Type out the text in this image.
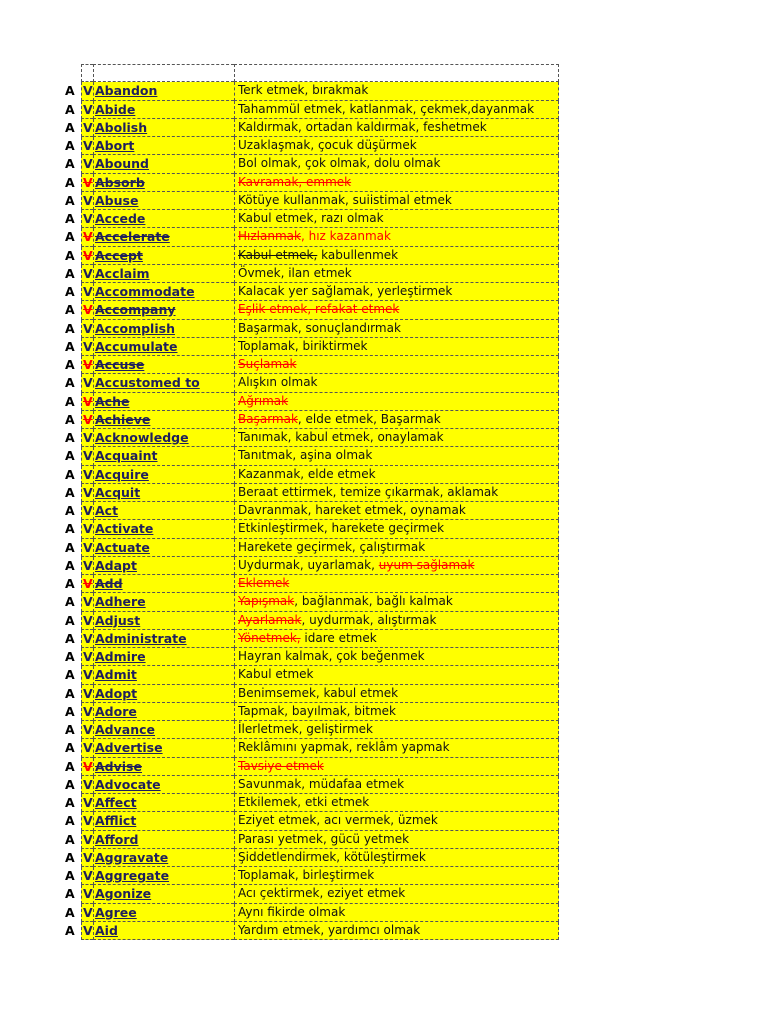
A V Abandon	Terk etmek, bırakmak
A V Abide	Tahammül etmek, katlanmak, çekmek,dayanmak
A V Abolish	Kaldırmak, ortadan kaldırmak, feshetmek
A V Abort	Uzaklaşmak, çocuk düşürmek
A V Abound	Bol olmak, çok olmak, dolu olmak
A V Absorb	Kavramak, emmek
A V Abuse	Kötüye kullanmak, suiistimal etmek
A V Accede	Kabul etmek, razı olmak
A V Accelerate	Hızlanmak, hız kazanmak
A V Accept	Kabul etmek, kabullenmek
A V Acclaim	Övmek, ilan etmek
A V Accommodate	Kalacak yer sağlamak, yerleştirmek
A V Accompany	Eşlik etmek, refakat etmek
A V Accomplish	Başarmak, sonuçlandırmak
A V Accumulate	Toplamak, biriktirmek
A V Accuse	Suçlamak
A V Accustomed to	Alışkın olmak
A V Ache	Ağrımak
A V Achieve	Başarmak, elde etmek, Başarmak
A V Acknowledge	Tanımak, kabul etmek, onaylamak
A V Acquaint	Tanıtmak, aşina olmak
A V Acquire	Kazanmak, elde etmek
A V Acquit	Beraat ettirmek, temize çıkarmak, aklamak
A V Act	Davranmak, hareket etmek, oynamak
A V Activate	Etkinleştirmek, harekete geçirmek
A V Actuate	Harekete geçirmek, çalıştırmak
A V Adapt	Uydurmak, uyarlamak, uyum sağlamak
A V Add	Eklemek
A V Adhere	Yapışmak, bağlanmak, bağlı kalmak
A V Adjust	Ayarlamak, uydurmak, alıştırmak
A V Administrate	Yönetmek, idare etmek
A V Admire	Hayran kalmak, çok beğenmek
A V Admit	Kabul etmek
A V Adopt	Benimsemek, kabul etmek
A V Adore	Tapmak, bayılmak, bitmek
A V Advance	İlerletmek, geliştirmek
A V Advertise	Reklâmını yapmak, reklâm yapmak
A V Advise	Tavsiye etmek
A V Advocate	Savunmak, müdafaa etmek
A V Affect	Etkilemek, etki etmek
A V Afflict	Eziyet etmek, acı vermek, üzmek
A V Afford	Parası yetmek, gücü yetmek
A V Aggravate	Şiddetlendirmek, kötüleştirmek
A V Aggregate	Toplamak, birleştirmek
A V Agonize	Acı çektirmek, eziyet etmek
A V Agree	Aynı fikirde olmak
A V Aid	Yardım etmek, yardımcı olmak
